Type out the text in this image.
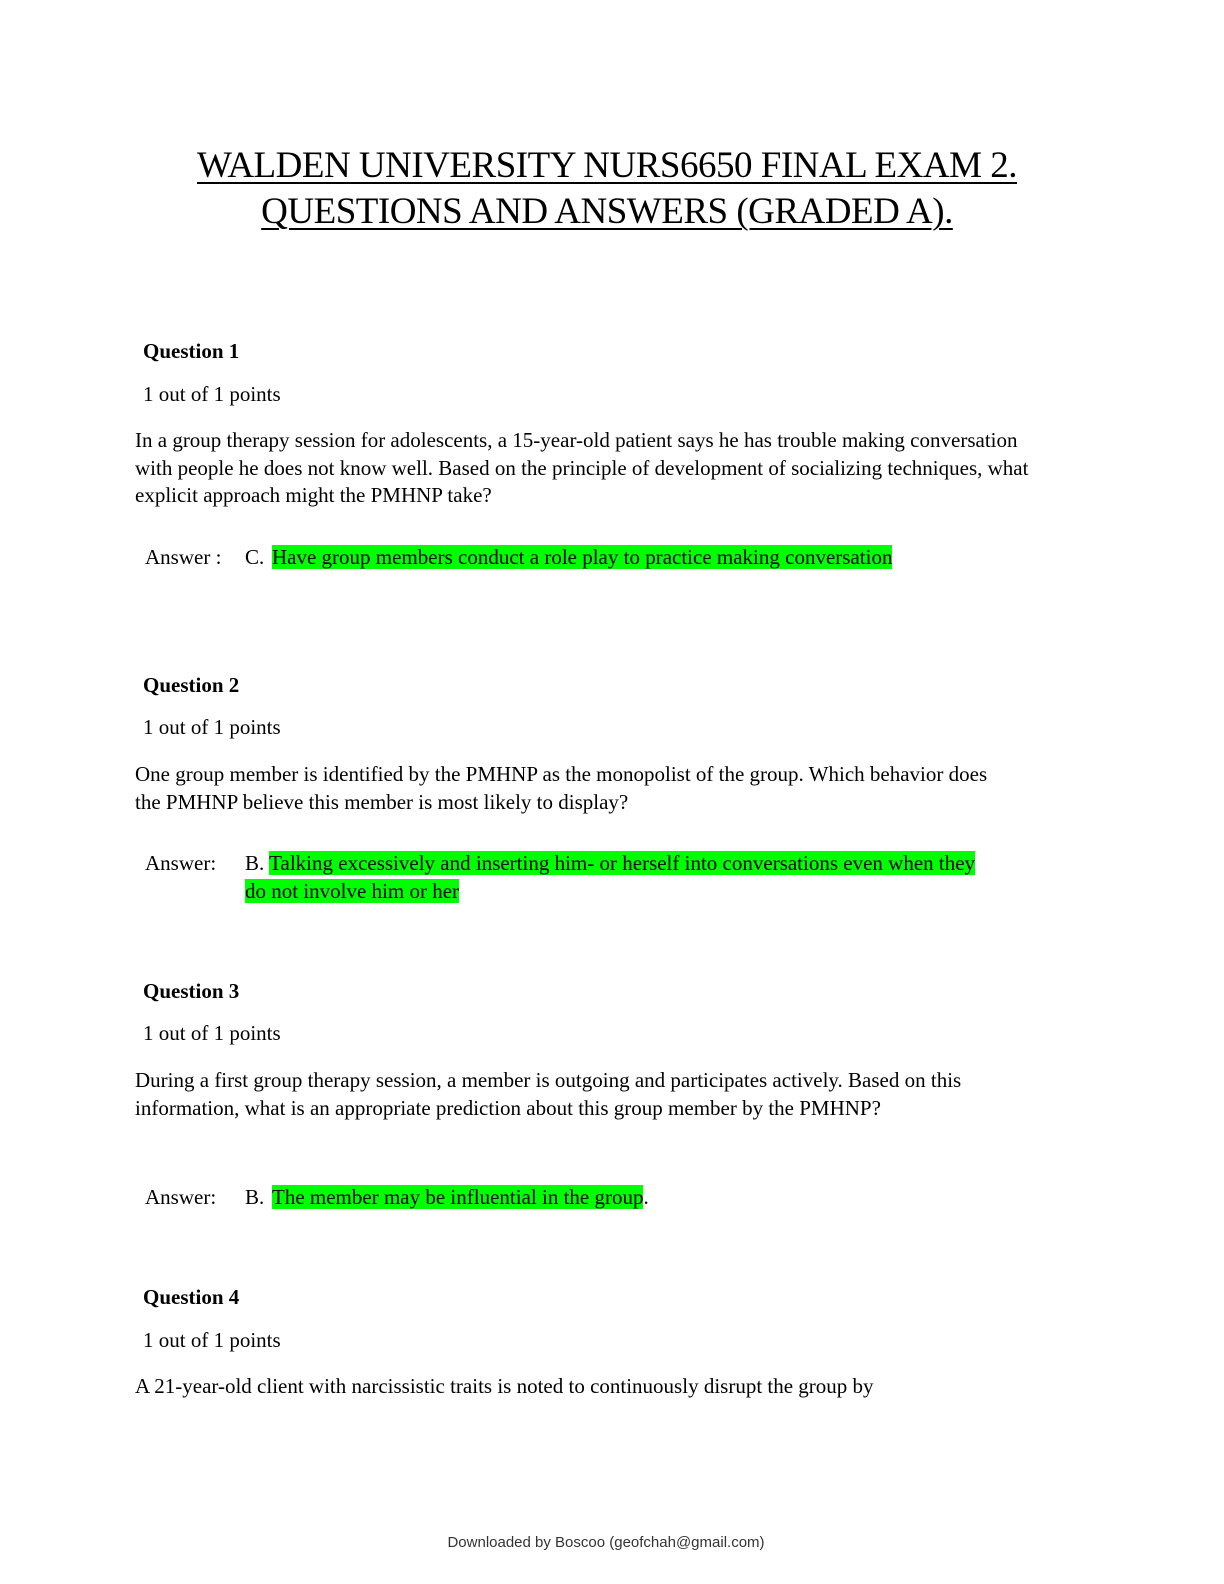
WALDEN UNIVERSITY NURS6650 FINAL EXAM 2.
QUESTIONS AND ANSWERS (GRADED A).

Question 1

1 out of 1 points

In a group therapy session for adolescents, a 15-year-old patient says he has trouble making conversation with people he does not know well. Based on the principle of development of socializing techniques, what explicit approach might the PMHNP take?

Answer : C. Have group members conduct a role play to practice making conversation

Question 2

1 out of 1 points

One group member is identified by the PMHNP as the monopolist of the group. Which behavior does the PMHNP believe this member is most likely to display?

Answer:	B. Talking excessively and inserting him- or herself into conversations even when they do not involve him or her

Question 3

1 out of 1 points

During a first group therapy session, a member is outgoing and participates actively. Based on this information, what is an appropriate prediction about this group member by the PMHNP?

Answer:	B. The member may be influential in the group.

Question 4

1 out of 1 points

A 21-year-old client with narcissistic traits is noted to continuously disrupt the group by

Downloaded by Boscoo (geofchah@gmail.com)
